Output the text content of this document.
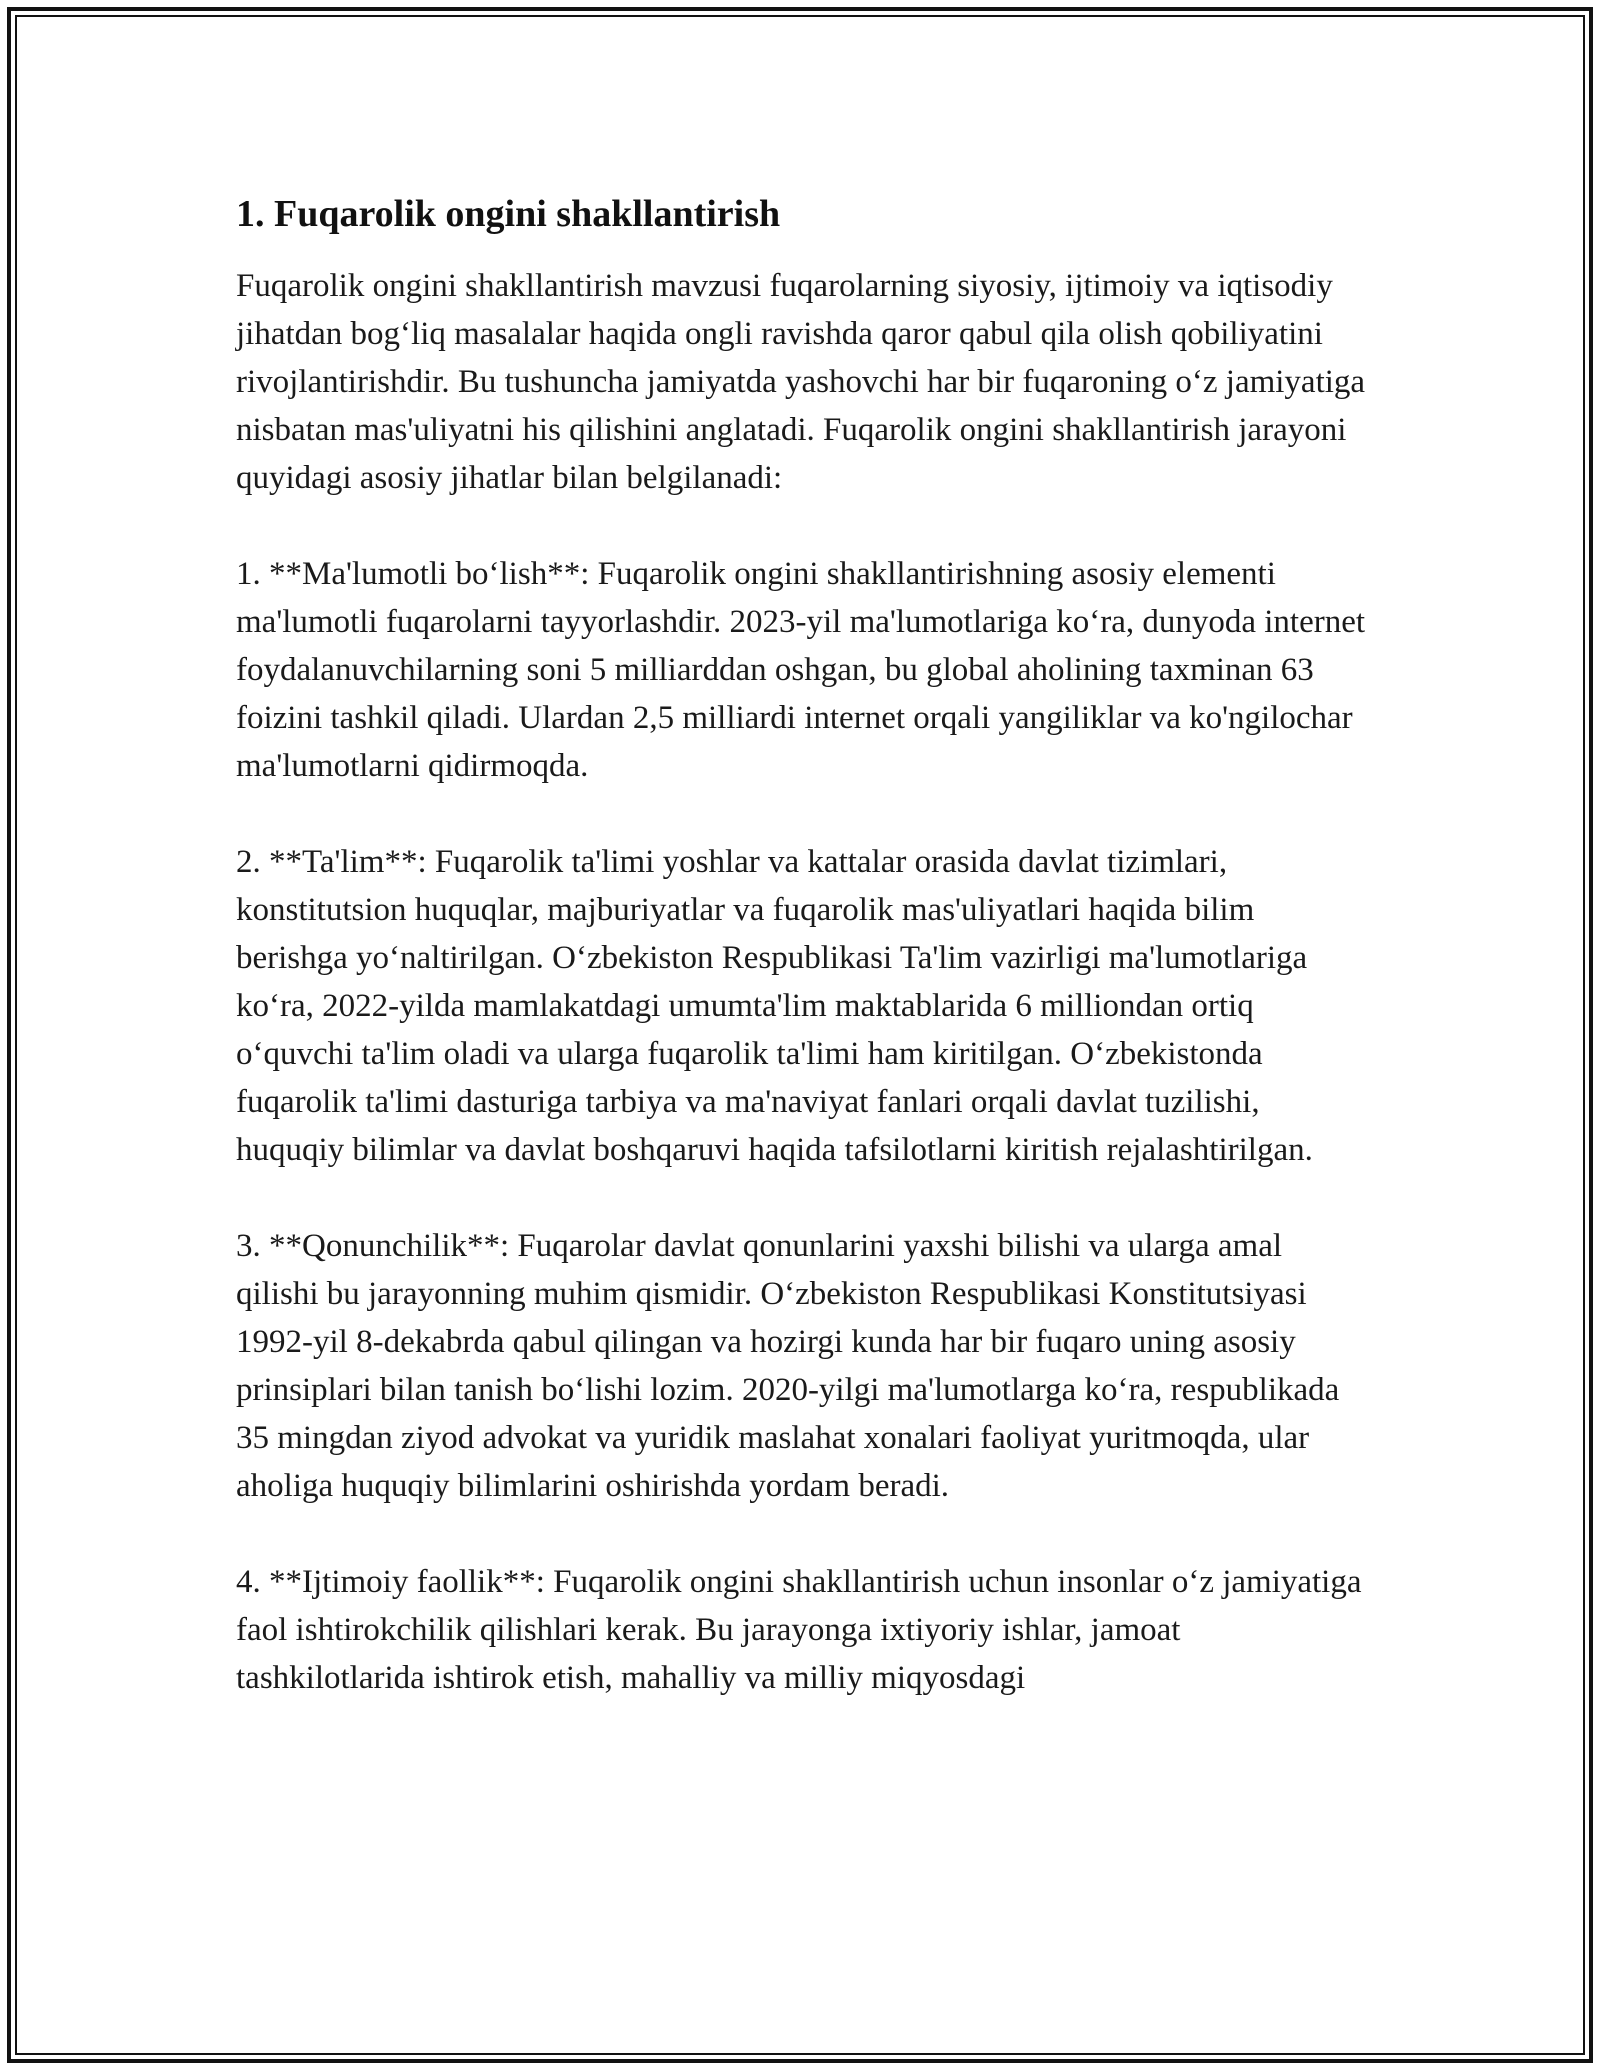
1. Fuqarolik ongini shakllantirish

Fuqarolik ongini shakllantirish mavzusi fuqarolarning siyosiy, ijtimoiy va iqtisodiy jihatdan bog‘liq masalalar haqida ongli ravishda qaror qabul qila olish qobiliyatini rivojlantirishdir. Bu tushuncha jamiyatda yashovchi har bir fuqaroning o‘z jamiyatiga nisbatan mas'uliyatni his qilishini anglatadi. Fuqarolik ongini shakllantirish jarayoni quyidagi asosiy jihatlar bilan belgilanadi:

1. **Ma'lumotli bo‘lish**: Fuqarolik ongini shakllantirishning asosiy elementi ma'lumotli fuqarolarni tayyorlashdir. 2023-yil ma'lumotlariga ko‘ra, dunyoda internet foydalanuvchilarning soni 5 milliarddan oshgan, bu global aholining taxminan 63 foizini tashkil qiladi. Ulardan 2,5 milliardi internet orqali yangiliklar va ko'ngilochar ma'lumotlarni qidirmoqda.

2. **Ta'lim**: Fuqarolik ta'limi yoshlar va kattalar orasida davlat tizimlari, konstitutsion huquqlar, majburiyatlar va fuqarolik mas'uliyatlari haqida bilim berishga yo‘naltirilgan. O‘zbekiston Respublikasi Ta'lim vazirligi ma'lumotlariga ko‘ra, 2022-yilda mamlakatdagi umumta'lim maktablarida 6 milliondan ortiq o‘quvchi ta'lim oladi va ularga fuqarolik ta'limi ham kiritilgan. O‘zbekistonda fuqarolik ta'limi dasturiga tarbiya va ma'naviyat fanlari orqali davlat tuzilishi, huquqiy bilimlar va davlat boshqaruvi haqida tafsilotlarni kiritish rejalashtirilgan.

3. **Qonunchilik**: Fuqarolar davlat qonunlarini yaxshi bilishi va ularga amal qilishi bu jarayonning muhim qismidir. O‘zbekiston Respublikasi Konstitutsiyasi 1992-yil 8-dekabrda qabul qilingan va hozirgi kunda har bir fuqaro uning asosiy prinsiplari bilan tanish bo‘lishi lozim. 2020-yilgi ma'lumotlarga ko‘ra, respublikada 35 mingdan ziyod advokat va yuridik maslahat xonalari faoliyat yuritmoqda, ular aholiga huquqiy bilimlarini oshirishda yordam beradi.

4. **Ijtimoiy faollik**: Fuqarolik ongini shakllantirish uchun insonlar o‘z jamiyatiga faol ishtirokchilik qilishlari kerak. Bu jarayonga ixtiyoriy ishlar, jamoat tashkilotlarida ishtirok etish, mahalliy va milliy miqyosdagi
